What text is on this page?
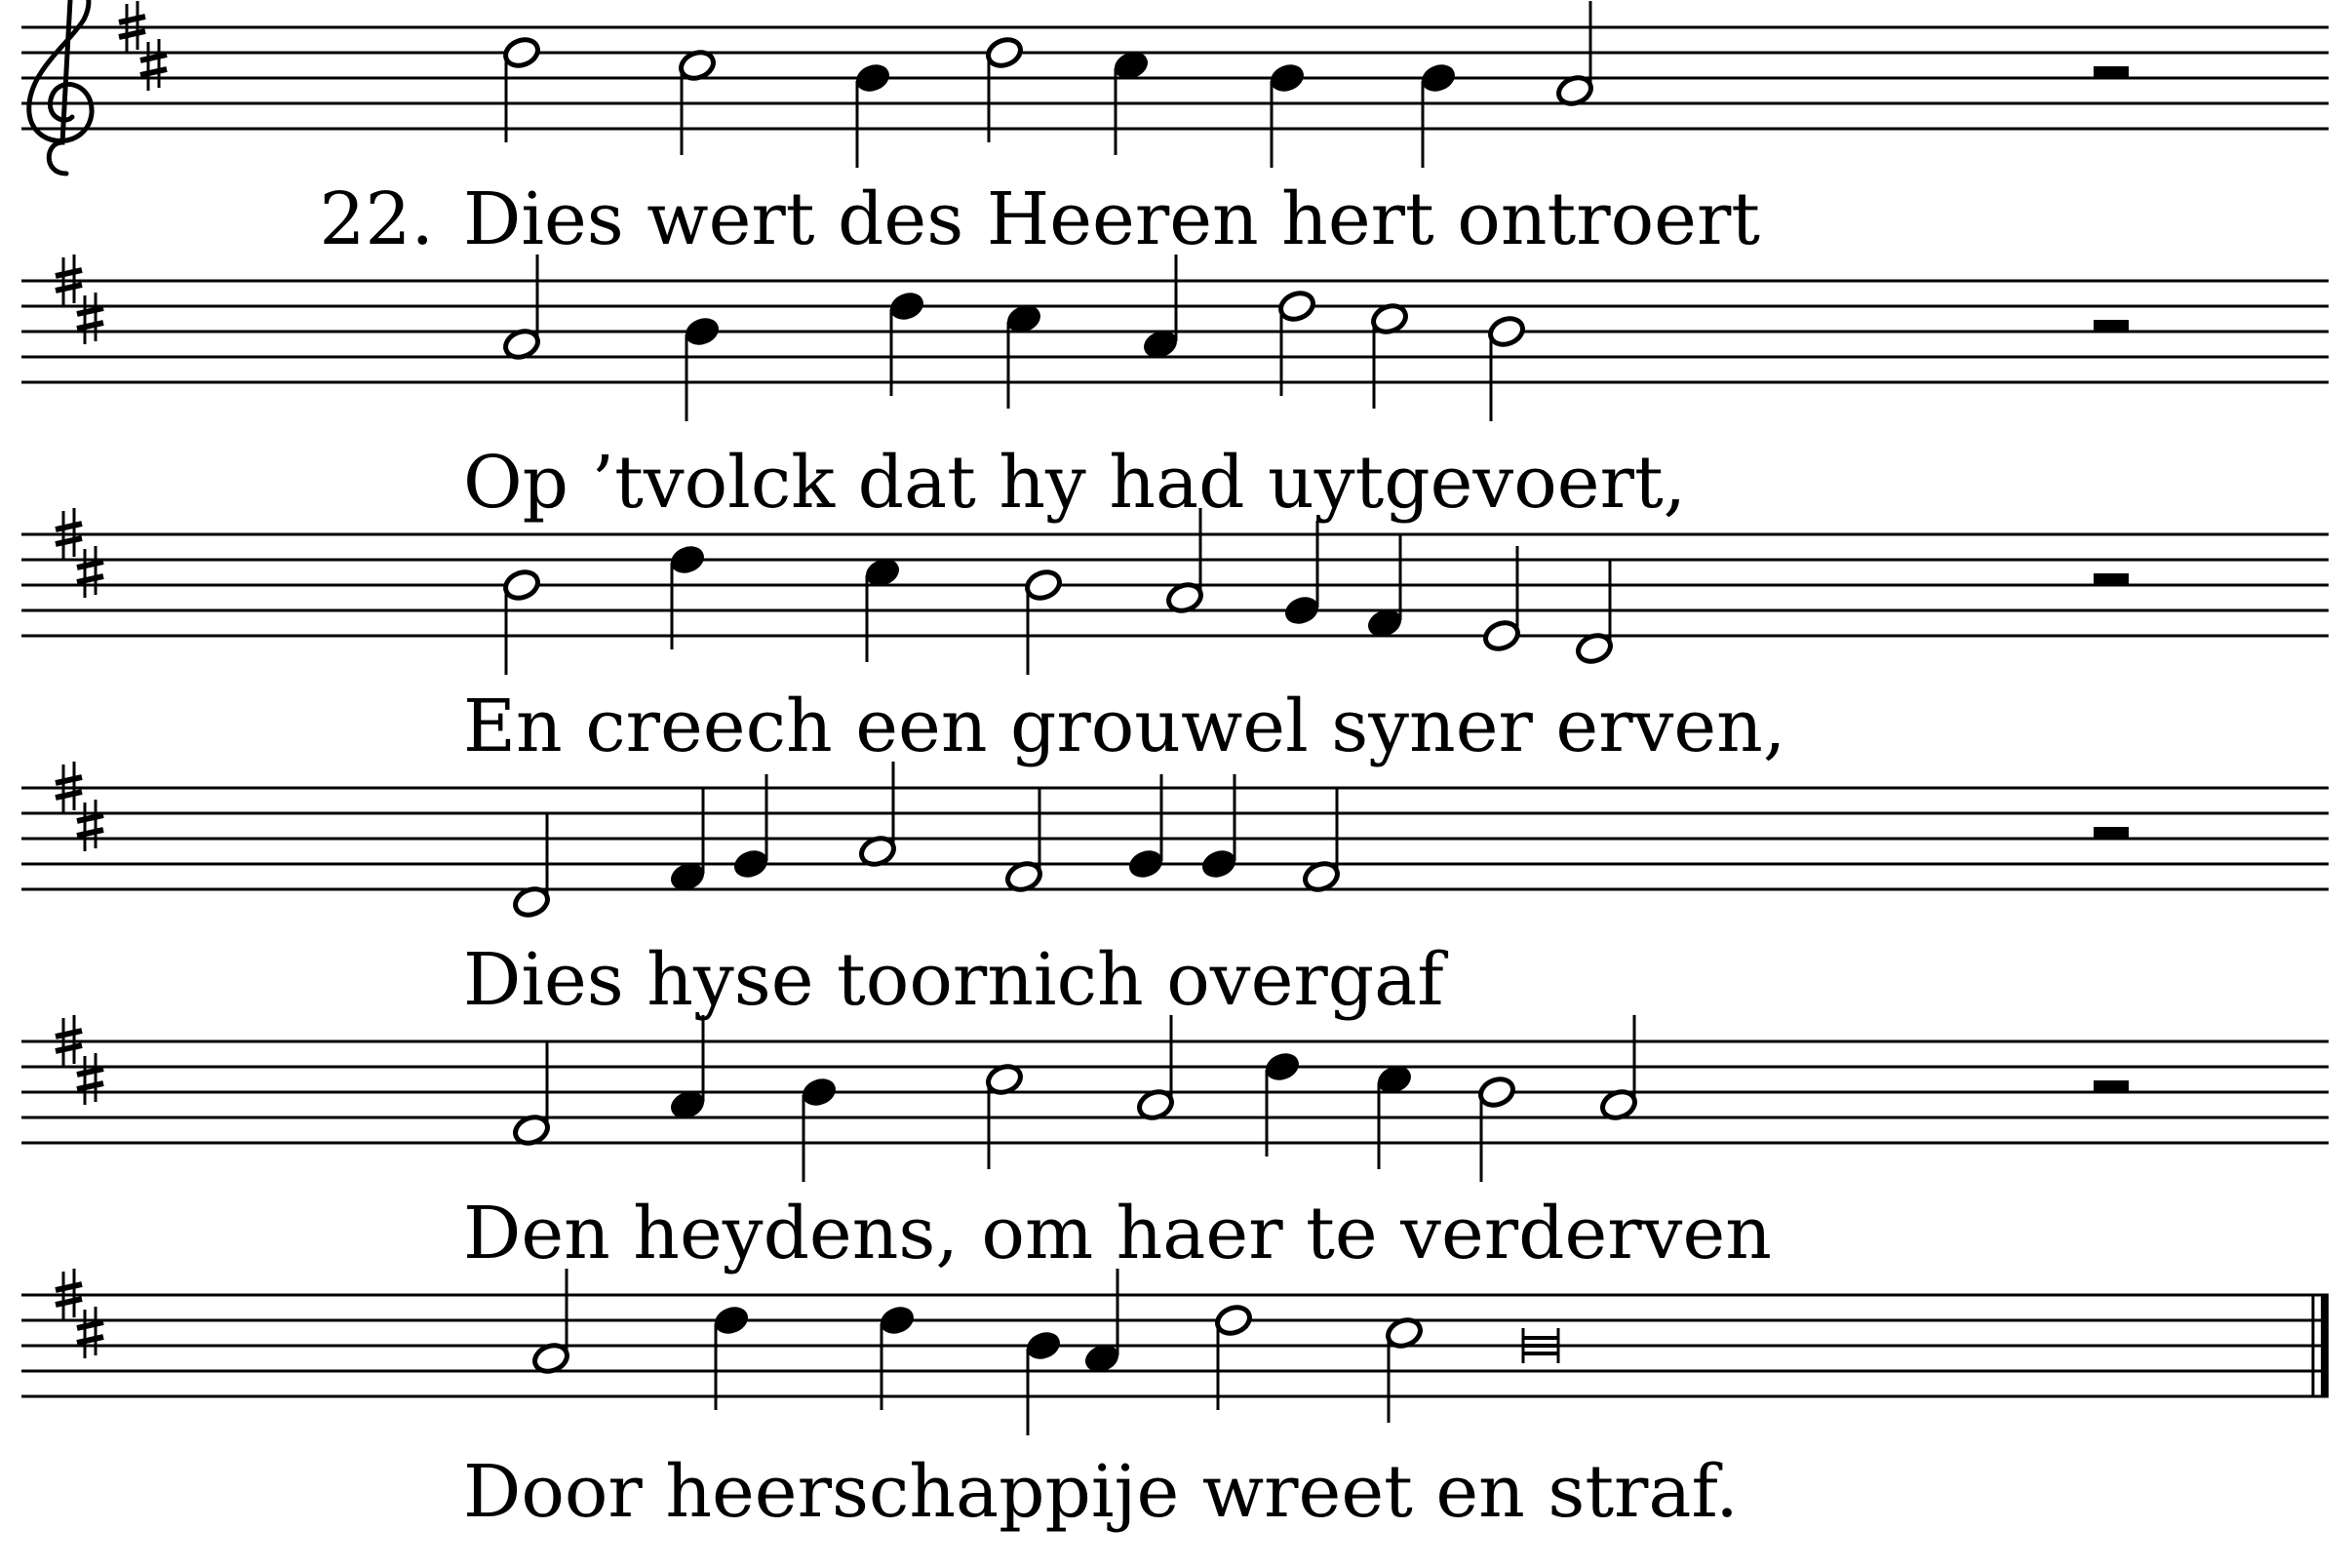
22. Dies wert des Heeren hert ontroert
Op ’tvolck dat hy had uytgevoert,
En creech een grouwel syner erven,
Dies hyse toornich overgaf
Den heydens, om haer te verderven
Door heerschappije wreet en straf.
